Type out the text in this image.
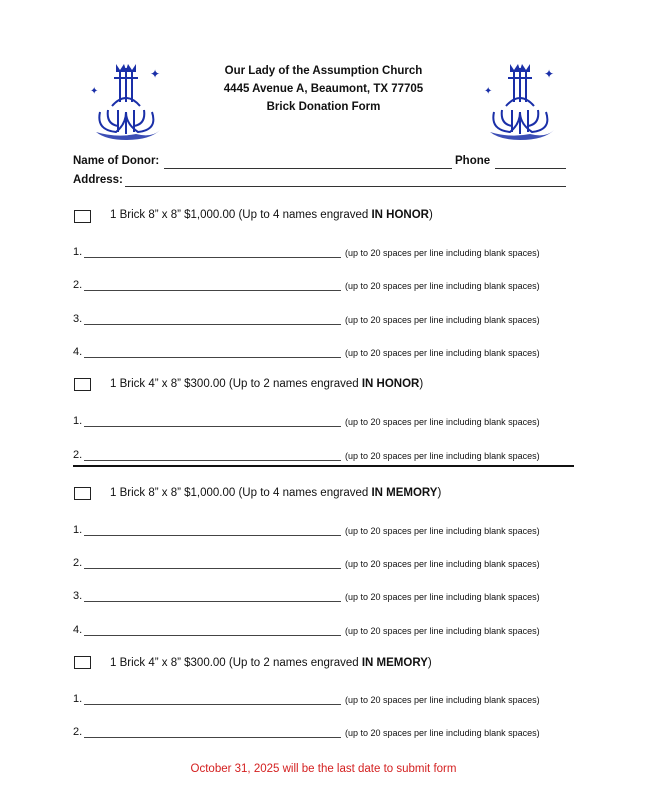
✦
✦
✦
✦
Our Lady of the Assumption Church
4445 Avenue A, Beaumont, TX 77705
Brick Donation Form
Name of Donor:	Phone
Address:
1 Brick 8” x 8” $1,000.00 (Up to 4 names engraved IN HONOR)
1.	(up to 20 spaces per line including blank spaces)
2.	(up to 20 spaces per line including blank spaces)
3.	(up to 20 spaces per line including blank spaces)
4.	(up to 20 spaces per line including blank spaces)
1 Brick 4” x 8” $300.00 (Up to 2 names engraved IN HONOR)
1.	(up to 20 spaces per line including blank spaces)
2.	(up to 20 spaces per line including blank spaces)
1 Brick 8” x 8” $1,000.00 (Up to 4 names engraved IN MEMORY)
1.	(up to 20 spaces per line including blank spaces)
2.	(up to 20 spaces per line including blank spaces)
3.	(up to 20 spaces per line including blank spaces)
4.	(up to 20 spaces per line including blank spaces)
1 Brick 4” x 8” $300.00 (Up to 2 names engraved IN MEMORY)
1.	(up to 20 spaces per line including blank spaces)
2.	(up to 20 spaces per line including blank spaces)
October 31, 2025 will be the last date to submit form
